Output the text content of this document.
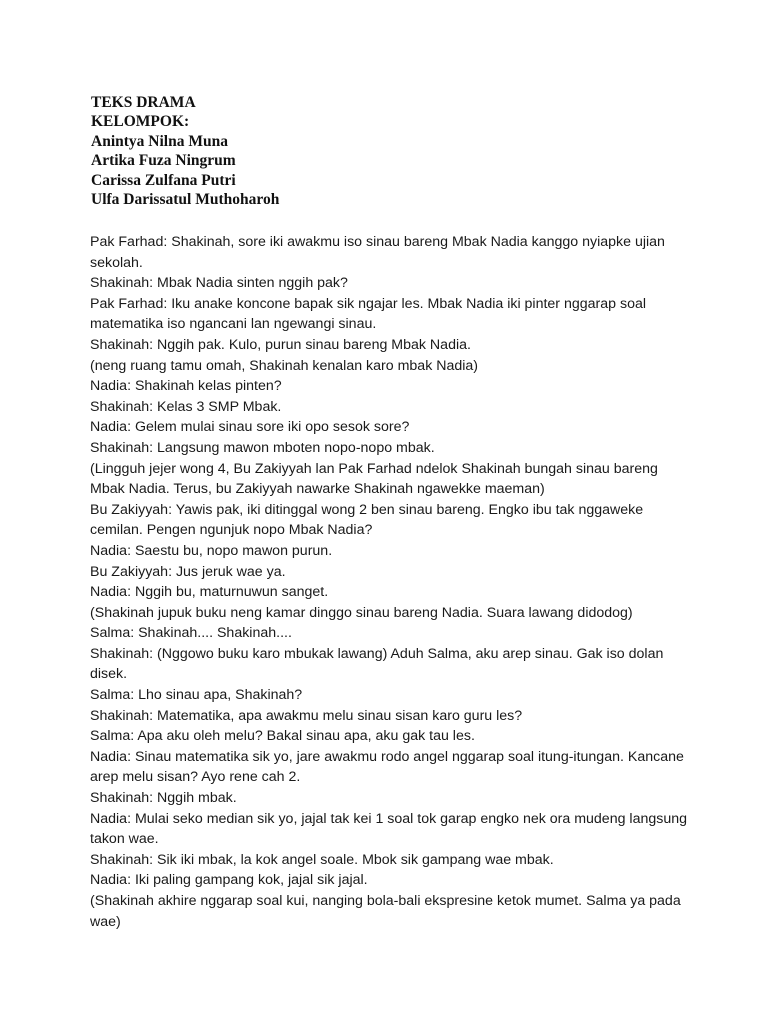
TEKS DRAMA
KELOMPOK:
Anintya Nilna Muna
Artika Fuza Ningrum
Carissa Zulfana Putri
Ulfa Darissatul Muthoharoh

Pak Farhad: Shakinah, sore iki awakmu iso sinau bareng Mbak Nadia kanggo nyiapke ujian sekolah.

Shakinah: Mbak Nadia sinten nggih pak?

Pak Farhad: Iku anake koncone bapak sik ngajar les. Mbak Nadia iki pinter nggarap soal matematika iso ngancani lan ngewangi sinau.

Shakinah: Nggih pak. Kulo, purun sinau bareng Mbak Nadia.

(neng ruang tamu omah, Shakinah kenalan karo mbak Nadia)

Nadia: Shakinah kelas pinten?

Shakinah: Kelas 3 SMP Mbak.

Nadia: Gelem mulai sinau sore iki opo sesok sore?

Shakinah: Langsung mawon mboten nopo-nopo mbak.

(Lingguh jejer wong 4, Bu Zakiyyah lan Pak Farhad ndelok Shakinah bungah sinau bareng Mbak Nadia. Terus, bu Zakiyyah nawarke Shakinah ngawekke maeman)

Bu Zakiyyah: Yawis pak, iki ditinggal wong 2 ben sinau bareng. Engko ibu tak nggaweke cemilan. Pengen ngunjuk nopo Mbak Nadia?

Nadia: Saestu bu, nopo mawon purun.

Bu Zakiyyah: Jus jeruk wae ya.

Nadia: Nggih bu, maturnuwun sanget.

(Shakinah jupuk buku neng kamar dinggo sinau bareng Nadia. Suara lawang didodog)

Salma: Shakinah.... Shakinah....

Shakinah: (Nggowo buku karo mbukak lawang) Aduh Salma, aku arep sinau. Gak iso dolan disek.

Salma: Lho sinau apa, Shakinah?

Shakinah: Matematika, apa awakmu melu sinau sisan karo guru les?

Salma: Apa aku oleh melu? Bakal sinau apa, aku gak tau les.

Nadia: Sinau matematika sik yo, jare awakmu rodo angel nggarap soal itung-itungan. Kancane arep melu sisan? Ayo rene cah 2.

Shakinah: Nggih mbak.

Nadia: Mulai seko median sik yo, jajal tak kei 1 soal tok garap engko nek ora mudeng langsung takon wae.

Shakinah: Sik iki mbak, la kok angel soale. Mbok sik gampang wae mbak.

Nadia: Iki paling gampang kok, jajal sik jajal.

(Shakinah akhire nggarap soal kui, nanging bola-bali ekspresine ketok mumet. Salma ya pada wae)
